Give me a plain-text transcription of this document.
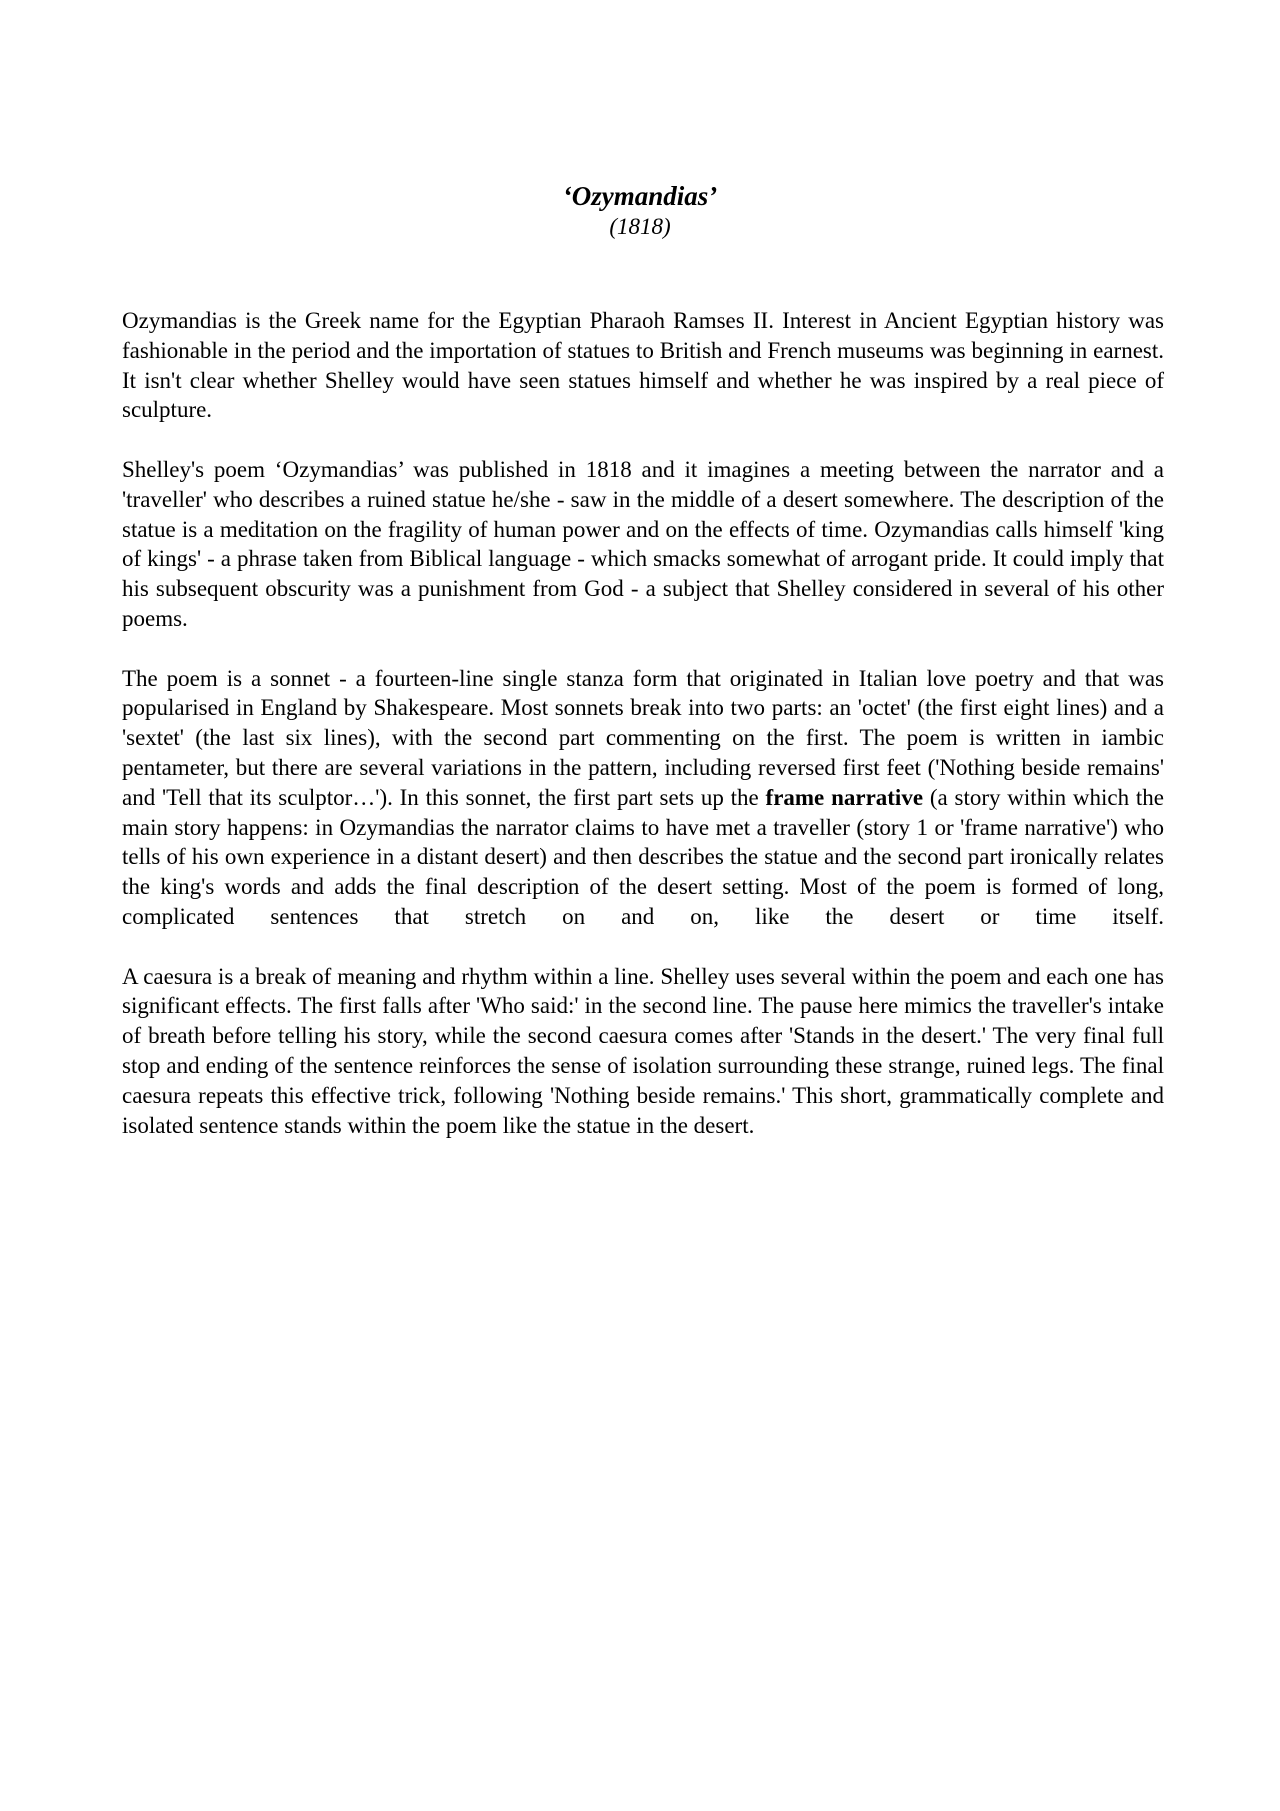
‘Ozymandias’

(1818)

Ozymandias is the Greek name for the Egyptian Pharaoh Ramses II. Interest in Ancient Egyptian history was fashionable in the period and the importation of statues to British and French museums was beginning in earnest. It isn't clear whether Shelley would have seen statues himself and whether he was inspired by a real piece of sculpture.

Shelley's poem ‘Ozymandias’ was published in 1818 and it imagines a meeting between the narrator and a 'traveller' who describes a ruined statue he/she - saw in the middle of a desert somewhere. The description of the statue is a meditation on the fragility of human power and on the effects of time. Ozymandias calls himself 'king of kings' - a phrase taken from Biblical language - which smacks somewhat of arrogant pride. It could imply that his subsequent obscurity was a punishment from God - a subject that Shelley considered in several of his other poems.

The poem is a sonnet - a fourteen-line single stanza form that originated in Italian love poetry and that was popularised in England by Shakespeare. Most sonnets break into two parts: an 'octet' (the first eight lines) and a 'sextet' (the last six lines), with the second part commenting on the first. The poem is written in iambic pentameter, but there are several variations in the pattern, including reversed first feet ('Nothing beside remains' and 'Tell that its sculptor…'). In this sonnet, the first part sets up the frame narrative (a story within which the main story happens: in Ozymandias the narrator claims to have met a traveller (story 1 or 'frame narrative') who tells of his own experience in a distant desert) and then describes the statue and the second part ironically relates the king's words and adds the final description of the desert setting. Most of the poem is formed of long, complicated sentences that stretch on and on, like the desert or time itself.

A caesura is a break of meaning and rhythm within a line. Shelley uses several within the poem and each one has significant effects. The first falls after 'Who said:' in the second line. The pause here mimics the traveller's intake of breath before telling his story, while the second caesura comes after 'Stands in the desert.' The very final full stop and ending of the sentence reinforces the sense of isolation surrounding these strange, ruined legs. The final caesura repeats this effective trick, following 'Nothing beside remains.' This short, grammatically complete and isolated sentence stands within the poem like the statue in the desert.
